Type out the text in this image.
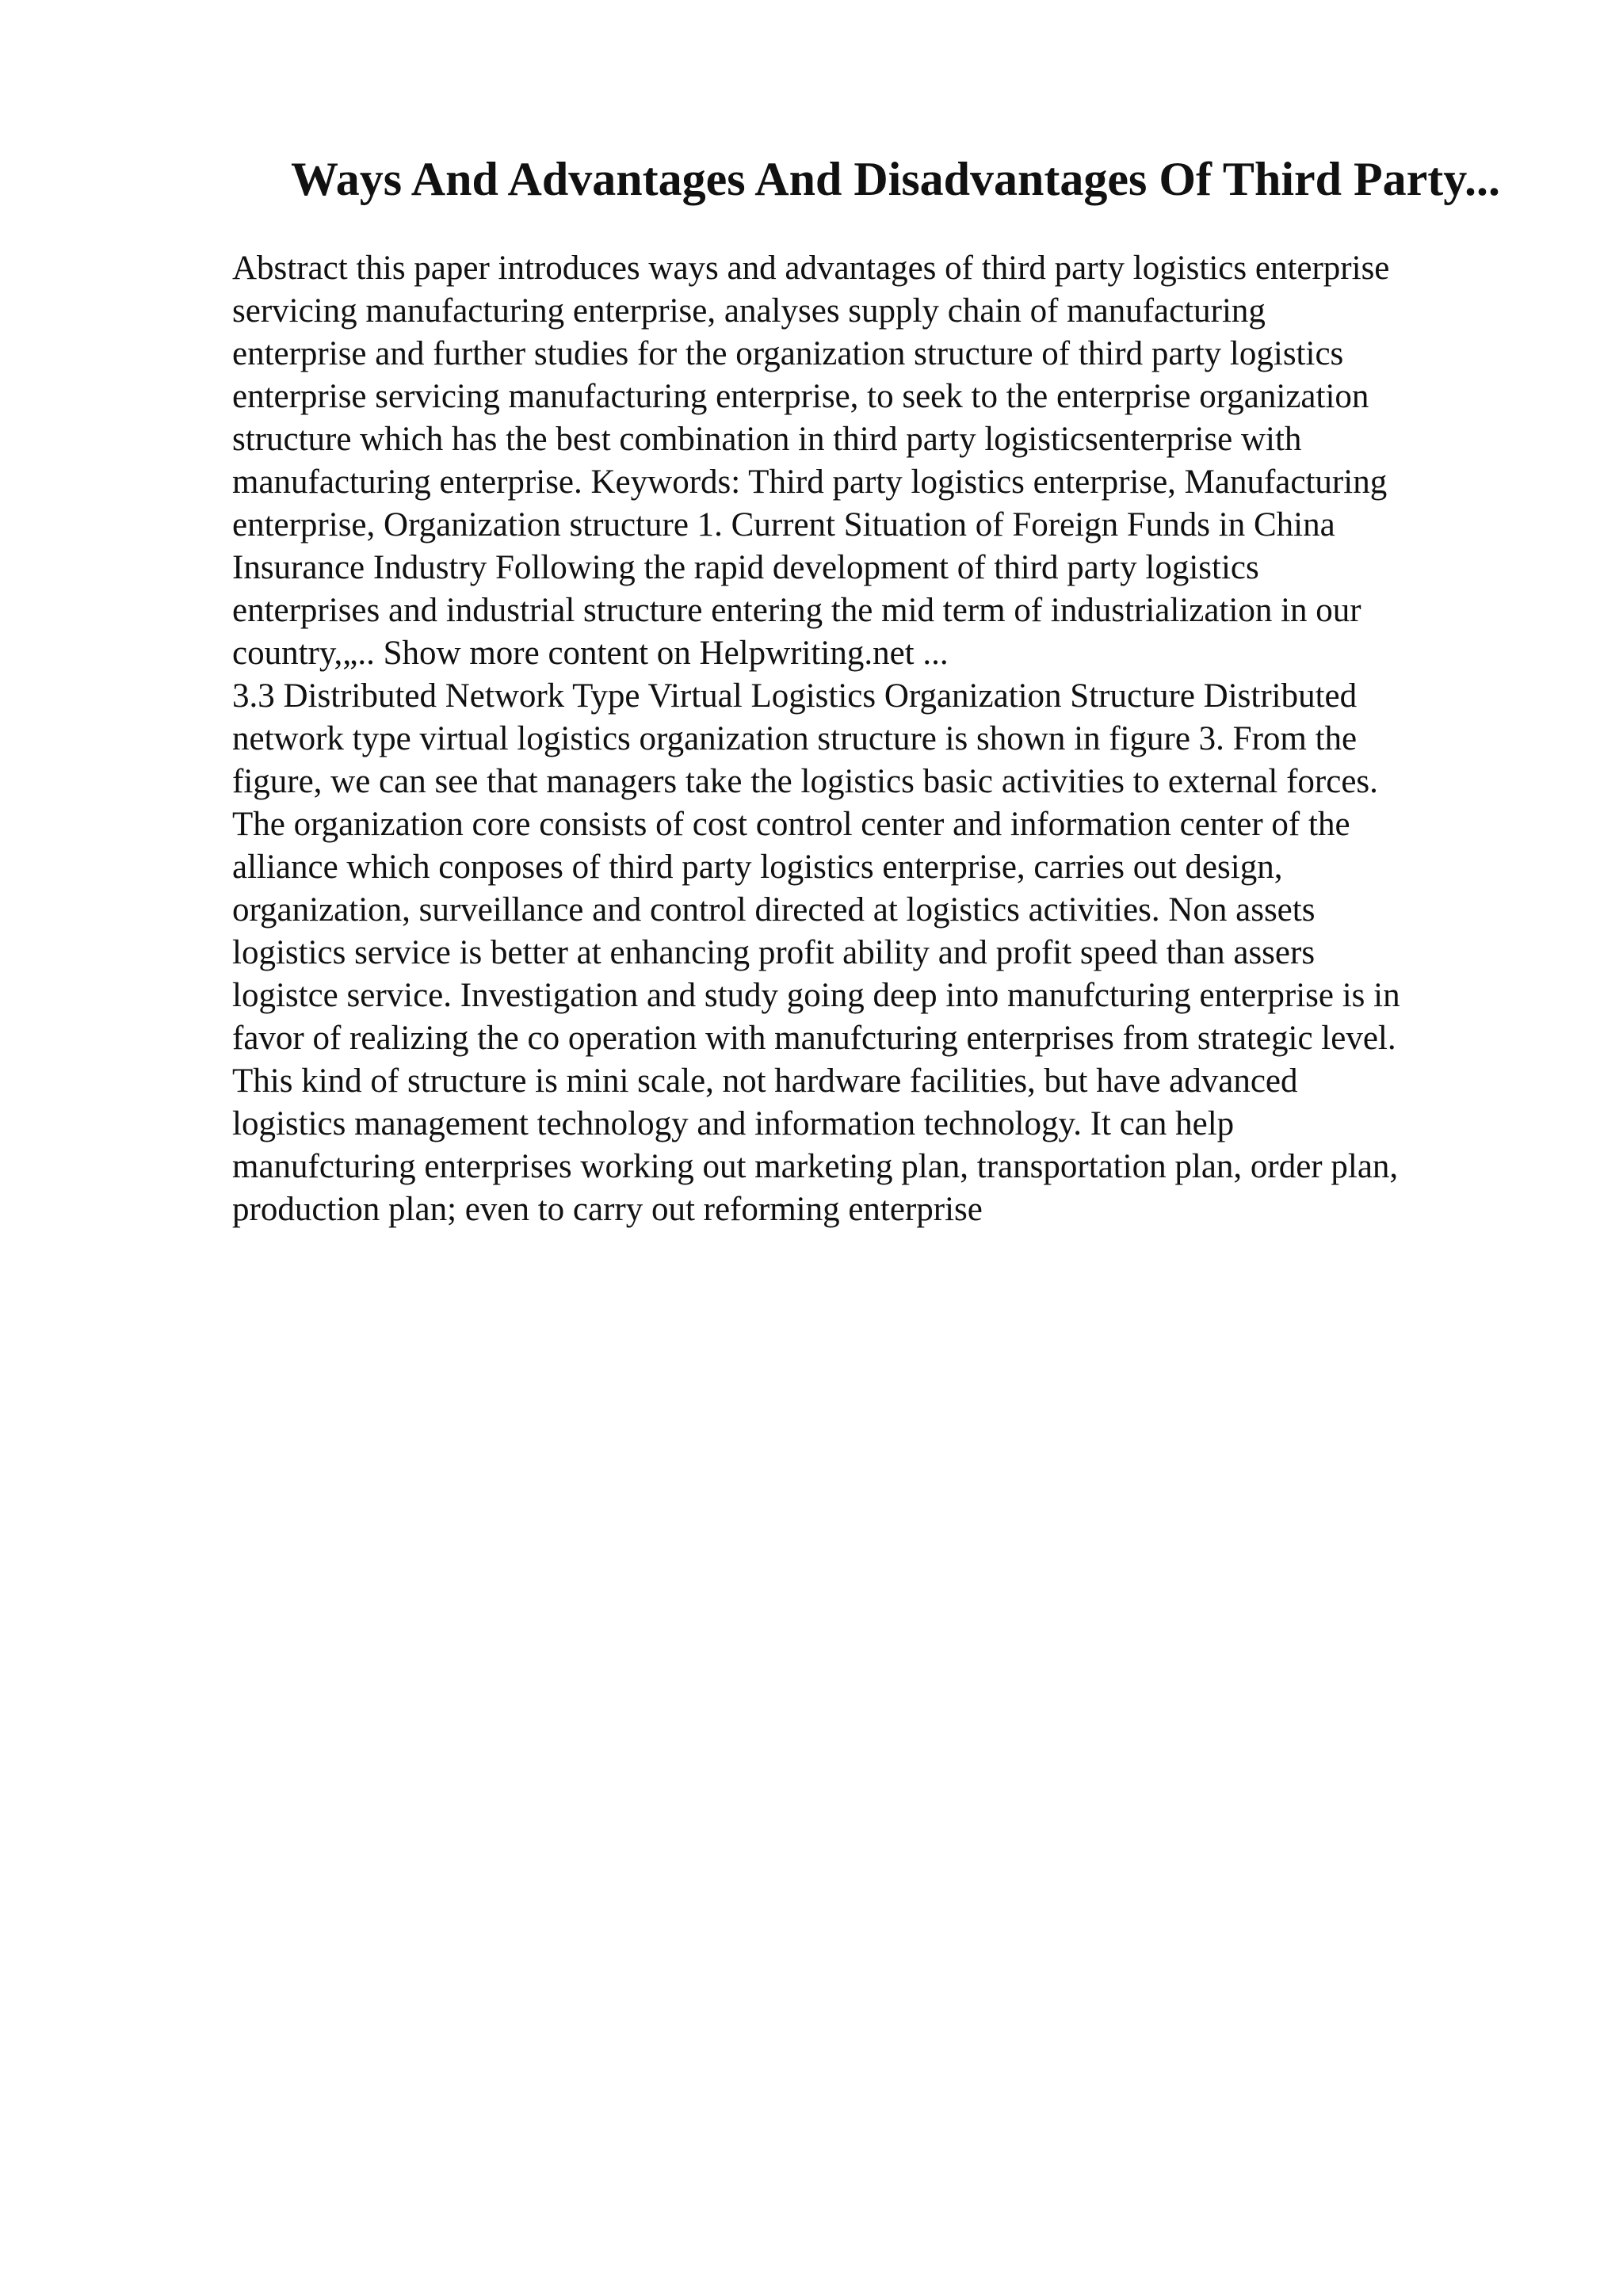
Ways And Advantages And Disadvantages Of Third Party...
Abstract this paper introduces ways and advantages of third party logistics enterprise
servicing manufacturing enterprise, analyses supply chain of manufacturing
enterprise and further studies for the organization structure of third party logistics
enterprise servicing manufacturing enterprise, to seek to the enterprise organization
structure which has the best combination in third party logisticsenterprise with
manufacturing enterprise. Keywords: Third party logistics enterprise, Manufacturing
enterprise, Organization structure 1. Current Situation of Foreign Funds in China
Insurance Industry Following the rapid development of third party logistics
enterprises and industrial structure entering the mid term of industrialization in our
country,„.. Show more content on Helpwriting.net ...
3.3 Distributed Network Type Virtual Logistics Organization Structure Distributed
network type virtual logistics organization structure is shown in figure 3. From the
figure, we can see that managers take the logistics basic activities to external forces.
The organization core consists of cost control center and information center of the
alliance which conposes of third party logistics enterprise, carries out design,
organization, surveillance and control directed at logistics activities. Non assets
logistics service is better at enhancing profit ability and profit speed than assers
logistce service. Investigation and study going deep into manufcturing enterprise is in
favor of realizing the co operation with manufcturing enterprises from strategic level.
This kind of structure is mini scale, not hardware facilities, but have advanced
logistics management technology and information technology. It can help
manufcturing enterprises working out marketing plan, transportation plan, order plan,
production plan; even to carry out reforming enterprise
